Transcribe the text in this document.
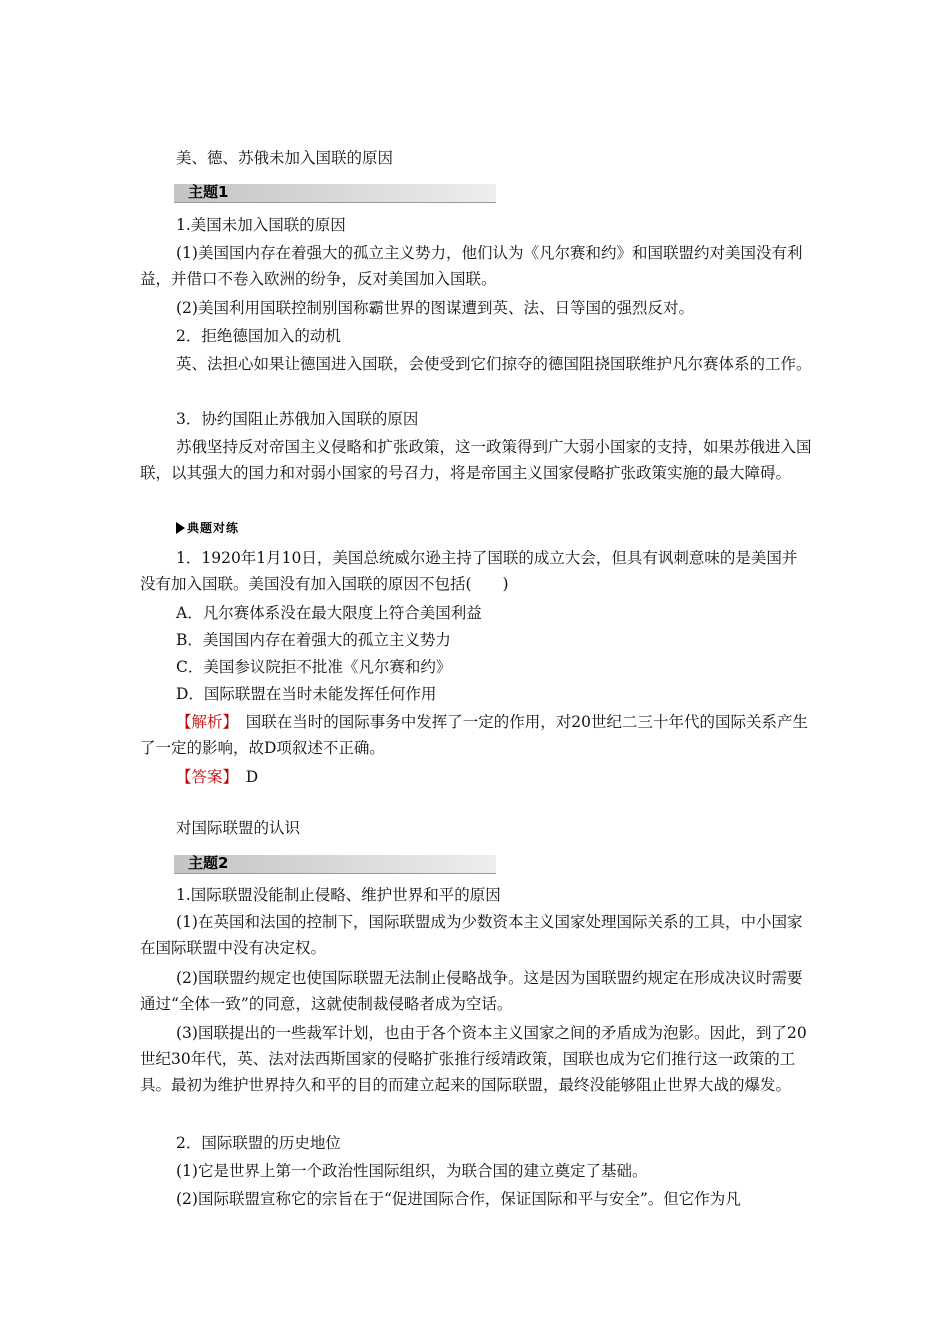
美、德、苏俄未加入国联的原因

主题1

1.美国未加入国联的原因

(1)美国国内存在着强大的孤立主义势力，他们认为《凡尔赛和约》和国联盟约对美国没有利益，并借口不卷入欧洲的纷争，反对美国加入国联。

(2)美国利用国联控制别国称霸世界的图谋遭到英、法、日等国的强烈反对。

2．拒绝德国加入的动机

英、法担心如果让德国进入国联，会使受到它们掠夺的德国阻挠国联维护凡尔赛体系的工作。

3．协约国阻止苏俄加入国联的原因

苏俄坚持反对帝国主义侵略和扩张政策，这一政策得到广大弱小国家的支持，如果苏俄进入国联，以其强大的国力和对弱小国家的号召力，将是帝国主义国家侵略扩张政策实施的最大障碍。

典题对练

1．1920年1月10日，美国总统威尔逊主持了国联的成立大会，但具有讽刺意味的是美国并没有加入国联。美国没有加入国联的原因不包括(　　)

A．凡尔赛体系没在最大限度上符合美国利益

B．美国国内存在着强大的孤立主义势力

C．美国参议院拒不批准《凡尔赛和约》

D．国际联盟在当时未能发挥任何作用

【解析】　国联在当时的国际事务中发挥了一定的作用，对20世纪二三十年代的国际关系产生了一定的影响，故D项叙述不正确。

【答案】　D

对国际联盟的认识

主题2

1.国际联盟没能制止侵略、维护世界和平的原因

(1)在英国和法国的控制下，国际联盟成为少数资本主义国家处理国际关系的工具，中小国家在国际联盟中没有决定权。

(2)国联盟约规定也使国际联盟无法制止侵略战争。这是因为国联盟约规定在形成决议时需要通过“全体一致”的同意，这就使制裁侵略者成为空话。

(3)国联提出的一些裁军计划，也由于各个资本主义国家之间的矛盾成为泡影。因此，到了20世纪30年代，英、法对法西斯国家的侵略扩张推行绥靖政策，国联也成为它们推行这一政策的工具。最初为维护世界持久和平的目的而建立起来的国际联盟，最终没能够阻止世界大战的爆发。

2．国际联盟的历史地位

(1)它是世界上第一个政治性国际组织，为联合国的建立奠定了基础。

(2)国际联盟宣称它的宗旨在于“促进国际合作，保证国际和平与安全”。但它作为凡
